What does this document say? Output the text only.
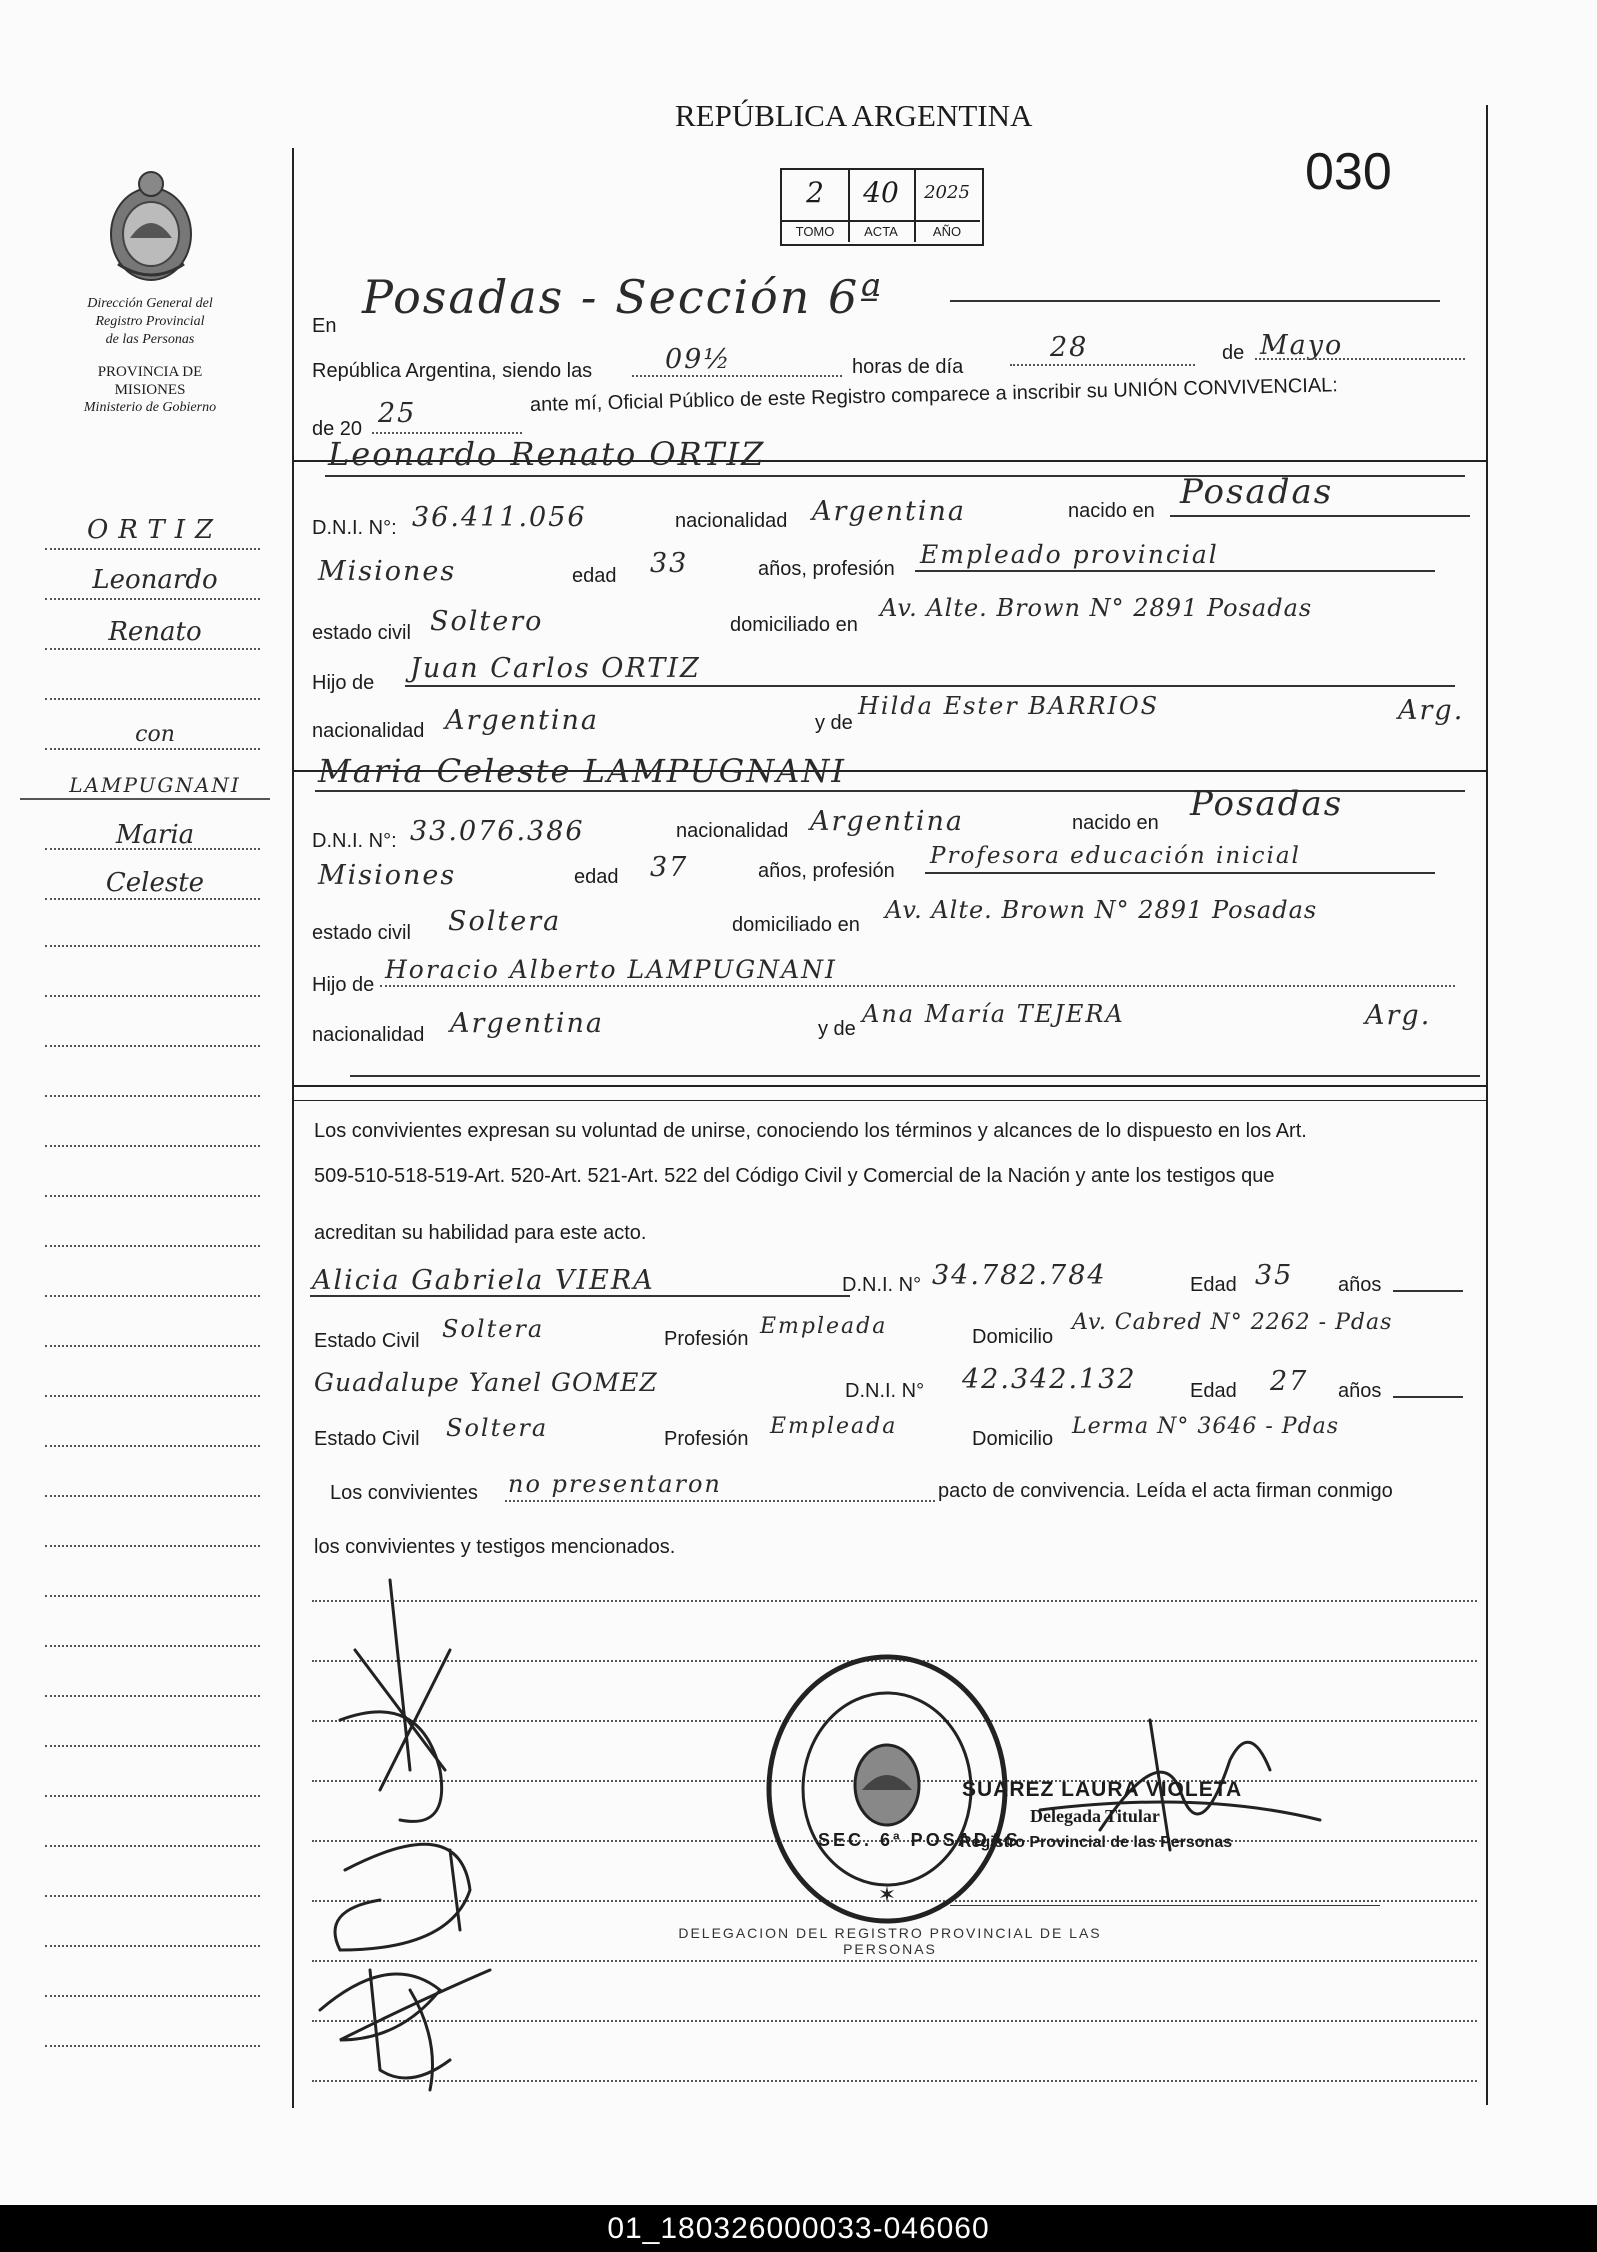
REPÚBLICA ARGENTINA
030
2
TOMO
40
ACTA
2025
AÑO
Dirección General del
Registro Provincial
de las Personas
PROVINCIA DE
MISIONES
Ministerio de Gobierno
ORTIZ
Leonardo
Renato
con
LAMPUGNANI
Maria
Celeste
En
Posadas - Sección 6ª
República Argentina, siendo las	09½	horas de día
28	de Mayo
de 20 25	ante mí, Oficial Público de este Registro comparece a inscribir su UNIÓN CONVIVENCIAL:
Leonardo Renato ORTIZ
D.N.I. N°: 36.411.056	nacionalidad Argentina	nacido en Posadas
Misiones	edad 33	años, profesión Empleado provincial
estado civil Soltero	domiciliado en
Av. Alte. Brown N° 2891 Posadas
Hijo de Juan Carlos ORTIZ
nacionalidad Argentina	y de
Hilda Ester BARRIOS	Arg.
Maria Celeste LAMPUGNANI
D.N.I. N°: 33.076.386	nacionalidad Argentina	nacido en Posadas
Misiones	edad 37	años, profesión
Profesora educación inicial
estado civil Soltera	domiciliado en
Av. Alte. Brown N° 2891 Posadas
Hijo de
Horacio Alberto LAMPUGNANI
nacionalidad Argentina	y de
Ana María TEJERA	Arg.
Los convivientes expresan su voluntad de unirse, conociendo los términos y alcances de lo dispuesto en los Art.
509-510-518-519-Art. 520-Art. 521-Art. 522 del Código Civil y Comercial de la Nación y ante los testigos que
acreditan su habilidad para este acto.
Alicia Gabriela VIERA	D.N.I. N° 34.782.784	Edad 35 años
Estado Civil Soltera	Profesión Empleada	Domicilio
Av. Cabred N° 2262 - Pdas
Guadalupe Yanel GOMEZ	D.N.I. N° 42.342.132	Edad 27 años
Estado Civil Soltera	Profesión Empleada	Domicilio Lerma N° 3646 - Pdas
Los convivientes no presentaron	pacto de convivencia. Leída el acta firman conmigo
los convivientes y testigos mencionados.
✶
DELEGACION DEL REGISTRO PROVINCIAL DE LAS PERSONAS
SEC. 6ª POSADAS
SUAREZ LAURA VIOLETA
Delegada Titular
Registro Provincial de las Personas
01_180326000033-046060
